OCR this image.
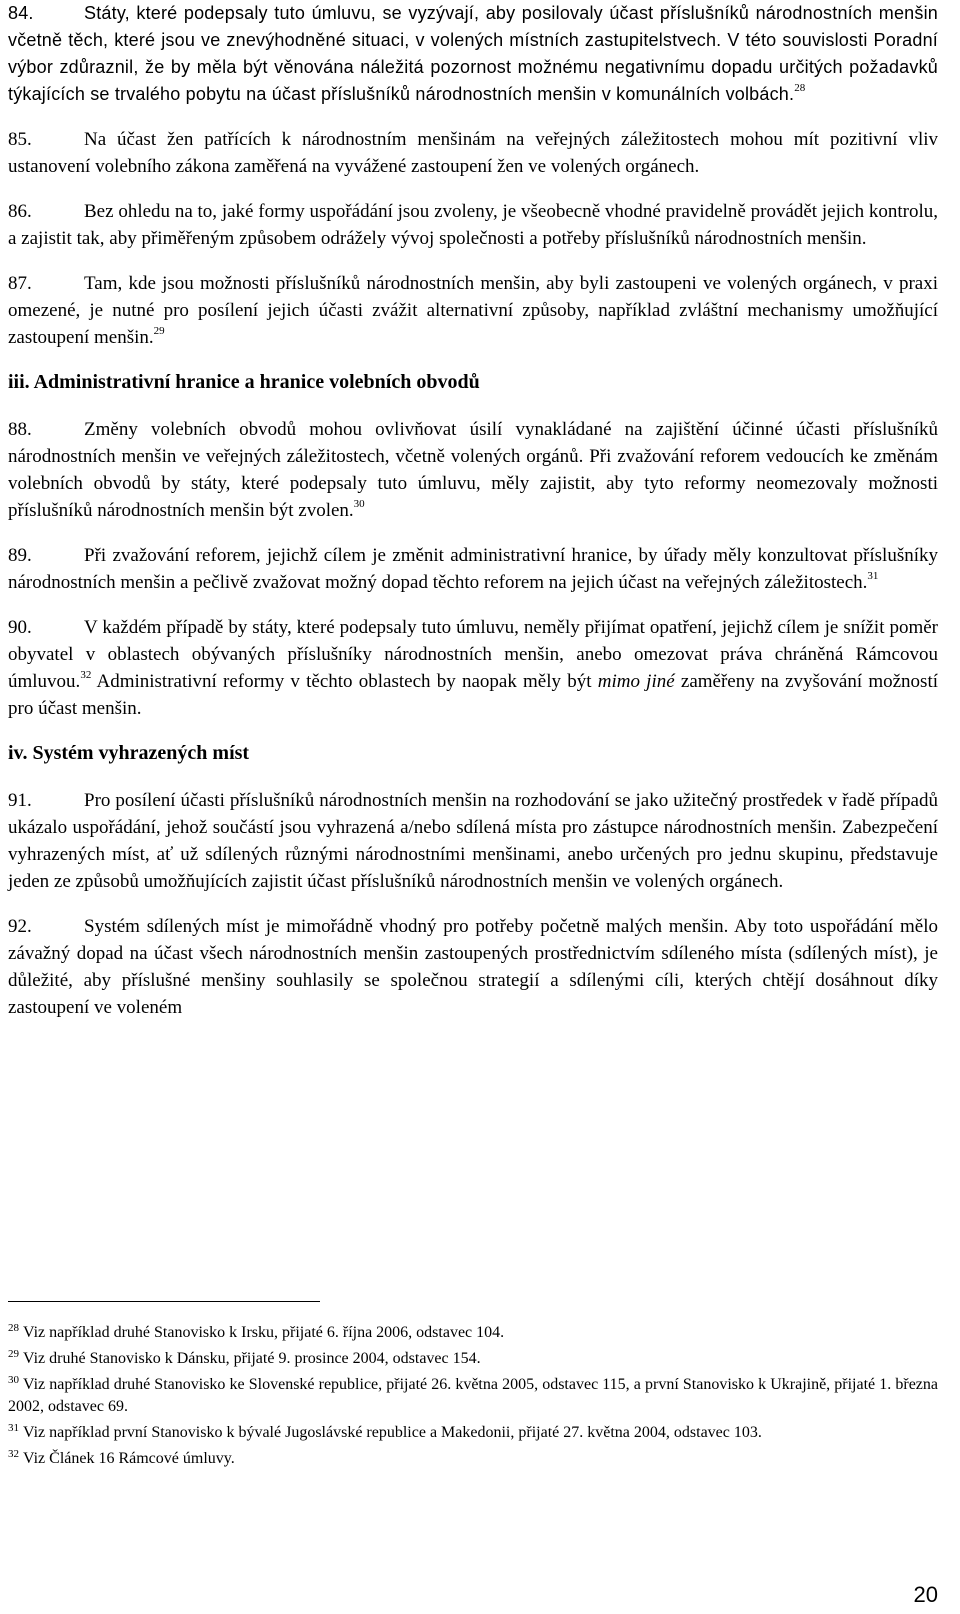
84.	Státy, které podepsaly tuto úmluvu, se vyzývají, aby posilovaly účast příslušníků národnostních menšin včetně těch, které jsou ve znevýhodněné situaci, v volených místních zastupitelstvech. V této souvislosti Poradní výbor zdůraznil, že by měla být věnována náležitá pozornost možnému negativnímu dopadu určitých požadavků týkajících se trvalého pobytu na účast příslušníků národnostních menšin v komunálních volbách.$^{28}$

85.	Na účast žen patřících k národnostním menšinám na veřejných záležitostech mohou mít pozitivní vliv ustanovení volebního zákona zaměřená na vyvážené zastoupení žen ve volených orgánech.

86.	Bez ohledu na to, jaké formy uspořádání jsou zvoleny, je všeobecně vhodné pravidelně provádět jejich kontrolu, a zajistit tak, aby přiměřeným způsobem odrážely vývoj společnosti a potřeby příslušníků národnostních menšin.

87.	Tam, kde jsou možnosti příslušníků národnostních menšin, aby byli zastoupeni ve volených orgánech, v praxi omezené, je nutné pro posílení jejich účasti zvážit alternativní způsoby, například zvláštní mechanismy umožňující zastoupení menšin.$^{29}$

iii. Administrativní hranice a hranice volebních obvodů

88.	Změny volebních obvodů mohou ovlivňovat úsilí vynakládané na zajištění účinné účasti příslušníků národnostních menšin ve veřejných záležitostech, včetně volených orgánů. Při zvažování reforem vedoucích ke změnám volebních obvodů by státy, které podepsaly tuto úmluvu, měly zajistit, aby tyto reformy neomezovaly možnosti příslušníků národnostních menšin být zvolen.$^{30}$

89.	Při zvažování reforem, jejichž cílem je změnit administrativní hranice, by úřady měly konzultovat příslušníky národnostních menšin a pečlivě zvažovat možný dopad těchto reforem na jejich účast na veřejných záležitostech.$^{31}$

90.	V každém případě by státy, které podepsaly tuto úmluvu, neměly přijímat opatření, jejichž cílem je snížit poměr obyvatel v oblastech obývaných příslušníky národnostních menšin, anebo omezovat práva chráněná Rámcovou úmluvou.$^{32}$ Administrativní reformy v těchto oblastech by naopak měly být mimo jiné zaměřeny na zvyšování možností pro účast menšin.

iv. Systém vyhrazených míst

91.	Pro posílení účasti příslušníků národnostních menšin na rozhodování se jako užitečný prostředek v řadě případů ukázalo uspořádání, jehož součástí jsou vyhrazená a/nebo sdílená místa pro zástupce národnostních menšin. Zabezpečení vyhrazených míst, ať už sdílených různými národnostními menšinami, anebo určených pro jednu skupinu, představuje jeden ze způsobů umožňujících zajistit účast příslušníků národnostních menšin ve volených orgánech.

92.	Systém sdílených míst je mimořádně vhodný pro potřeby početně malých menšin. Aby toto uspořádání mělo závažný dopad na účast všech národnostních menšin zastoupených prostřednictvím sdíleného místa (sdílených míst), je důležité, aby příslušné menšiny souhlasily se společnou strategií a sdílenými cíli, kterých chtějí dosáhnout díky zastoupení ve voleném

$^{28}$ Viz například druhé Stanovisko k Irsku, přijaté 6. října 2006, odstavec 104.

$^{29}$ Viz druhé Stanovisko k Dánsku, přijaté 9. prosince 2004, odstavec 154.

$^{30}$ Viz například druhé Stanovisko ke Slovenské republice, přijaté 26. května 2005, odstavec 115, a první Stanovisko k Ukrajině, přijaté 1. března 2002, odstavec 69.

$^{31}$ Viz například první Stanovisko k bývalé Jugoslávské republice a Makedonii, přijaté 27. května 2004, odstavec 103.

$^{32}$ Viz Článek 16 Rámcové úmluvy.

20
